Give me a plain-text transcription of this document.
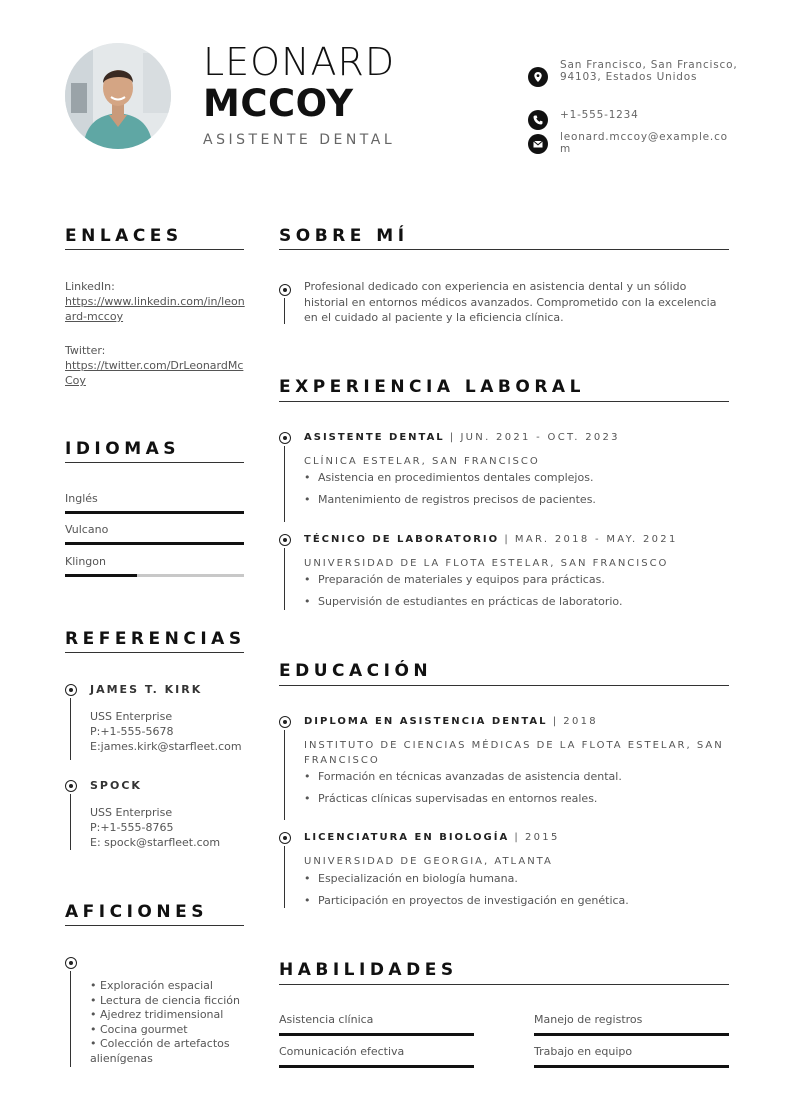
LEONARD
MCCOY
ASISTENTE DENTAL
San Francisco, San Francisco, 94103, Estados Unidos
+1-555-1234
leonard.mccoy@example.com
ENLACES
LinkedIn:
https://www.linkedin.com/in/leonard-mccoy
Twitter:
https://twitter.com/DrLeonardMcCoy
IDIOMAS
Inglés
Vulcano
Klingon
REFERENCIAS
JAMES T. KIRK
USS Enterprise
P:+1-555-5678
E:james.kirk@starfleet.com
SPOCK
USS Enterprise
P:+1-555-8765
E: spock@starfleet.com
AFICIONES
• Exploración espacial
• Lectura de ciencia ficción
• Ajedrez tridimensional
• Cocina gourmet
• Colección de artefactos alienígenas
SOBRE MÍ
Profesional dedicado con experiencia en asistencia dental y un sólido historial en entornos médicos avanzados. Comprometido con la excelencia en el cuidado al paciente y la eficiencia clínica.
EXPERIENCIA LABORAL
ASISTENTE DENTAL | JUN. 2021 - OCT. 2023
CLÍNICA ESTELAR, SAN FRANCISCO
• Asistencia en procedimientos dentales complejos.
• Mantenimiento de registros precisos de pacientes.
TÉCNICO DE LABORATORIO | MAR. 2018 - MAY. 2021
UNIVERSIDAD DE LA FLOTA ESTELAR, SAN FRANCISCO
• Preparación de materiales y equipos para prácticas.
• Supervisión de estudiantes en prácticas de laboratorio.
EDUCACIÓN
DIPLOMA EN ASISTENCIA DENTAL | 2018
INSTITUTO DE CIENCIAS MÉDICAS DE LA FLOTA ESTELAR, SAN FRANCISCO
• Formación en técnicas avanzadas de asistencia dental.
• Prácticas clínicas supervisadas en entornos reales.
LICENCIATURA EN BIOLOGÍA | 2015
UNIVERSIDAD DE GEORGIA, ATLANTA
• Especialización en biología humana.
• Participación en proyectos de investigación en genética.
HABILIDADES
Asistencia clínica	Manejo de registros
Comunicación efectiva	Trabajo en equipo
